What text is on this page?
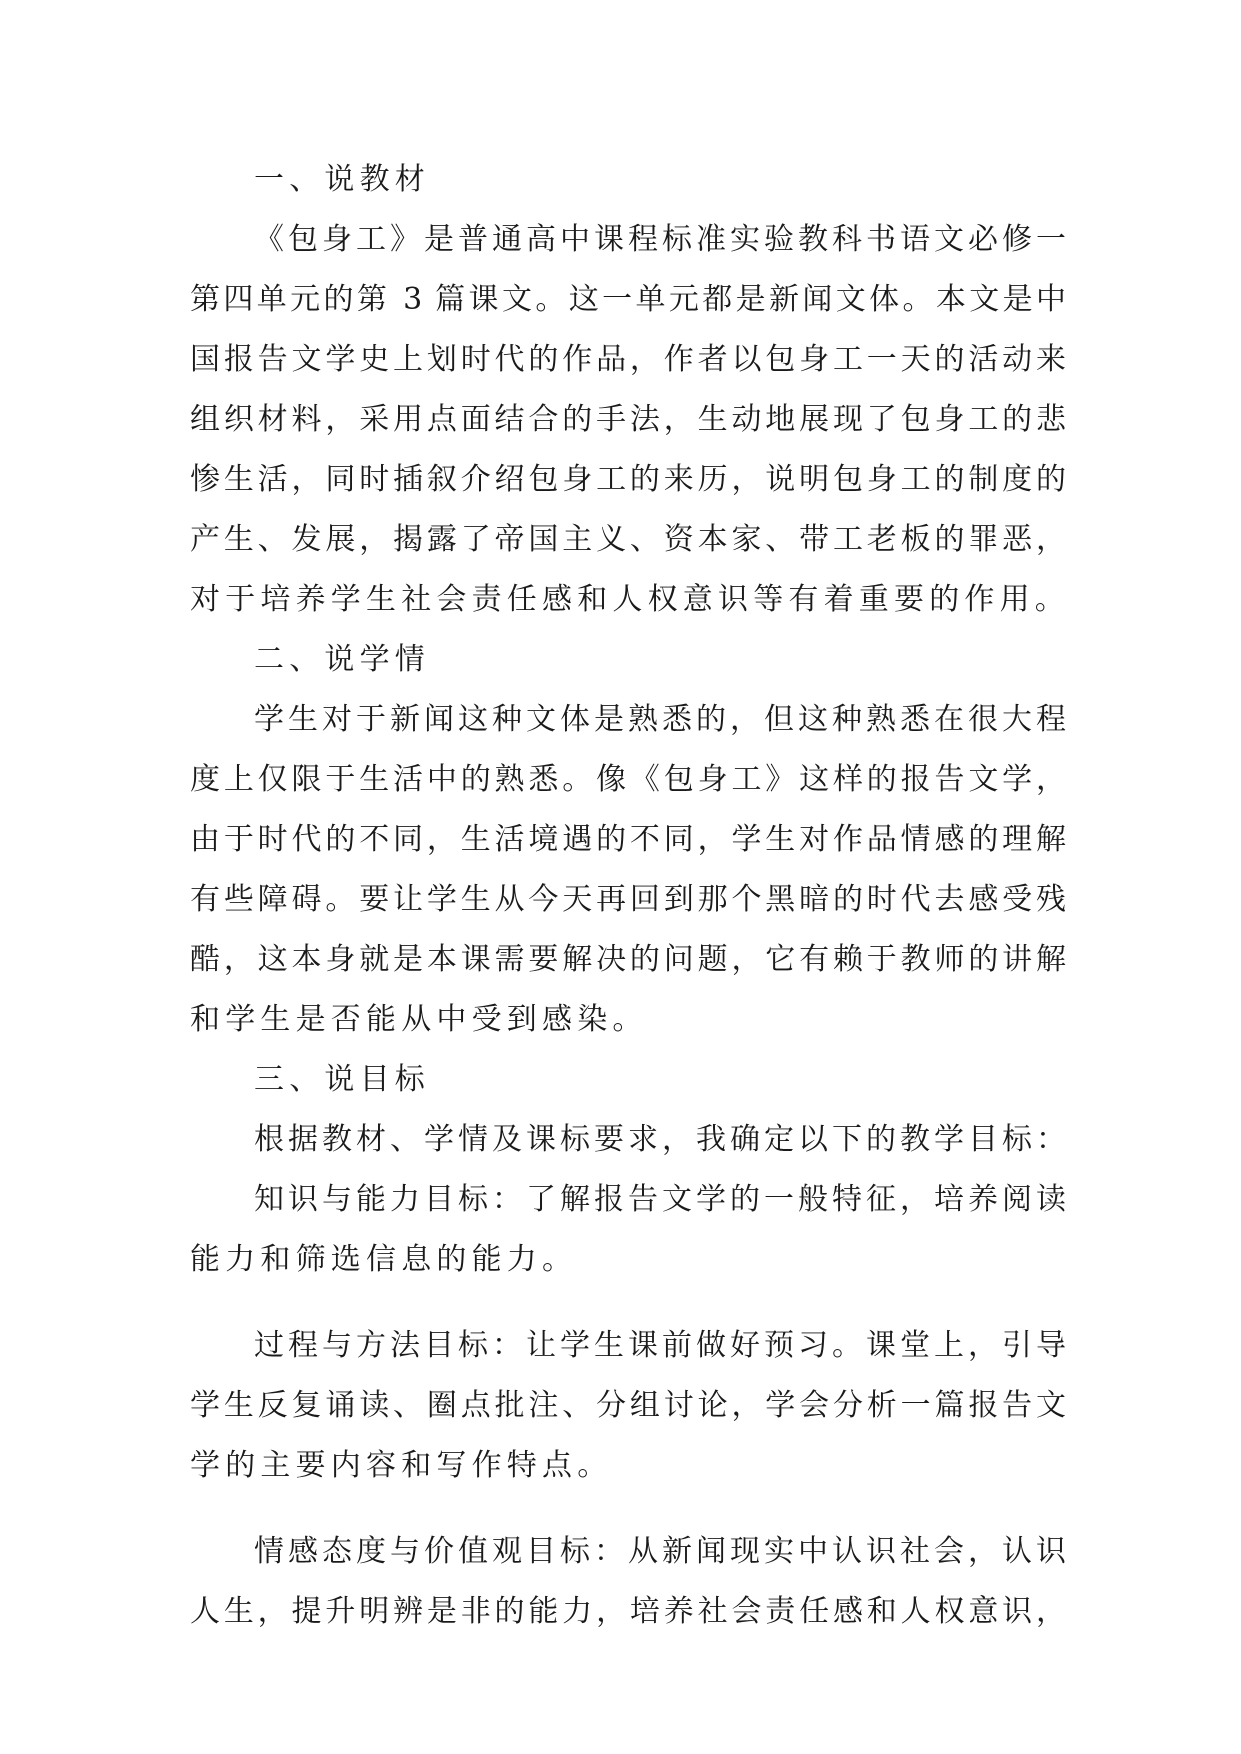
一、说教材
《包身工》是普通高中课程标准实验教科书语文必修一
第四单元的第 3 篇课文。这一单元都是新闻文体。本文是中
国报告文学史上划时代的作品，作者以包身工一天的活动来
组织材料，采用点面结合的手法，生动地展现了包身工的悲
惨生活，同时插叙介绍包身工的来历，说明包身工的制度的
产生、发展，揭露了帝国主义、资本家、带工老板的罪恶，
对于培养学生社会责任感和人权意识等有着重要的作用。
二、说学情
学生对于新闻这种文体是熟悉的，但这种熟悉在很大程
度上仅限于生活中的熟悉。像《包身工》这样的报告文学，
由于时代的不同，生活境遇的不同，学生对作品情感的理解
有些障碍。要让学生从今天再回到那个黑暗的时代去感受残
酷，这本身就是本课需要解决的问题，它有赖于教师的讲解
和学生是否能从中受到感染。
三、说目标
根据教材、学情及课标要求，我确定以下的教学目标：
知识与能力目标：了解报告文学的一般特征，培养阅读
能力和筛选信息的能力。
过程与方法目标：让学生课前做好预习。课堂上，引导
学生反复诵读、圈点批注、分组讨论，学会分析一篇报告文
学的主要内容和写作特点。
情感态度与价值观目标：从新闻现实中认识社会，认识
人生，提升明辨是非的能力，培养社会责任感和人权意识，
